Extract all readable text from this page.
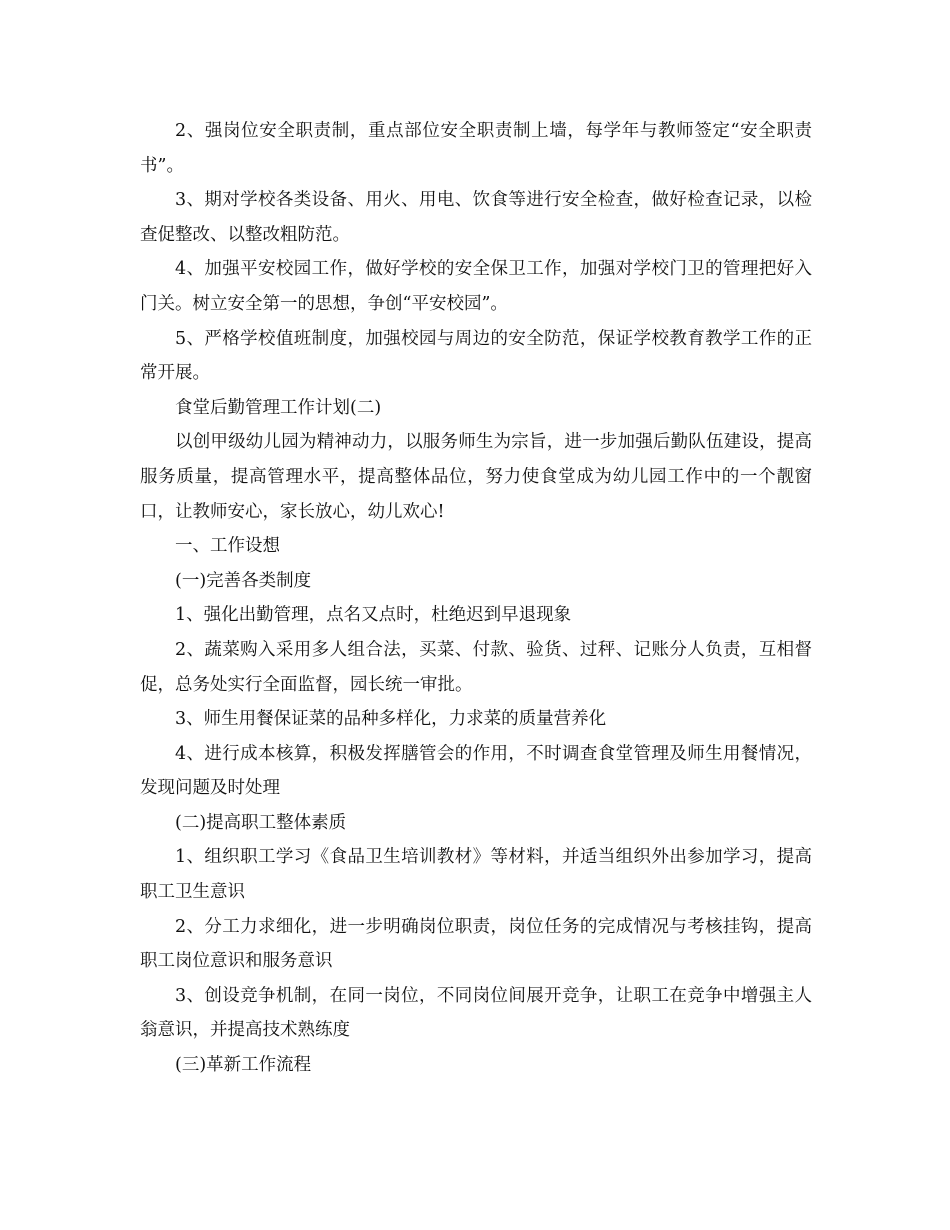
2、强岗位安全职责制，重点部位安全职责制上墙，每学年与教师签定“安全职责书”。

3、期对学校各类设备、用火、用电、饮食等进行安全检查，做好检查记录，以检查促整改、以整改粗防范。

4、加强平安校园工作，做好学校的安全保卫工作，加强对学校门卫的管理把好入门关。树立安全第一的思想，争创“平安校园”。

5、严格学校值班制度，加强校园与周边的安全防范，保证学校教育教学工作的正常开展。

食堂后勤管理工作计划(二)

以创甲级幼儿园为精神动力，以服务师生为宗旨，进一步加强后勤队伍建设，提高服务质量，提高管理水平，提高整体品位，努力使食堂成为幼儿园工作中的一个靓窗口，让教师安心，家长放心，幼儿欢心!

一、工作设想

(一)完善各类制度

1、强化出勤管理，点名又点时，杜绝迟到早退现象

2、蔬菜购入采用多人组合法，买菜、付款、验货、过秤、记账分人负责，互相督促，总务处实行全面监督，园长统一审批。

3、师生用餐保证菜的品种多样化，力求菜的质量营养化

4、进行成本核算，积极发挥膳管会的作用，不时调查食堂管理及师生用餐情况，发现问题及时处理

(二)提高职工整体素质

1、组织职工学习《食品卫生培训教材》等材料，并适当组织外出参加学习，提高职工卫生意识

2、分工力求细化，进一步明确岗位职责，岗位任务的完成情况与考核挂钩，提高职工岗位意识和服务意识

3、创设竞争机制，在同一岗位，不同岗位间展开竞争，让职工在竞争中增强主人翁意识，并提高技术熟练度

(三)革新工作流程
